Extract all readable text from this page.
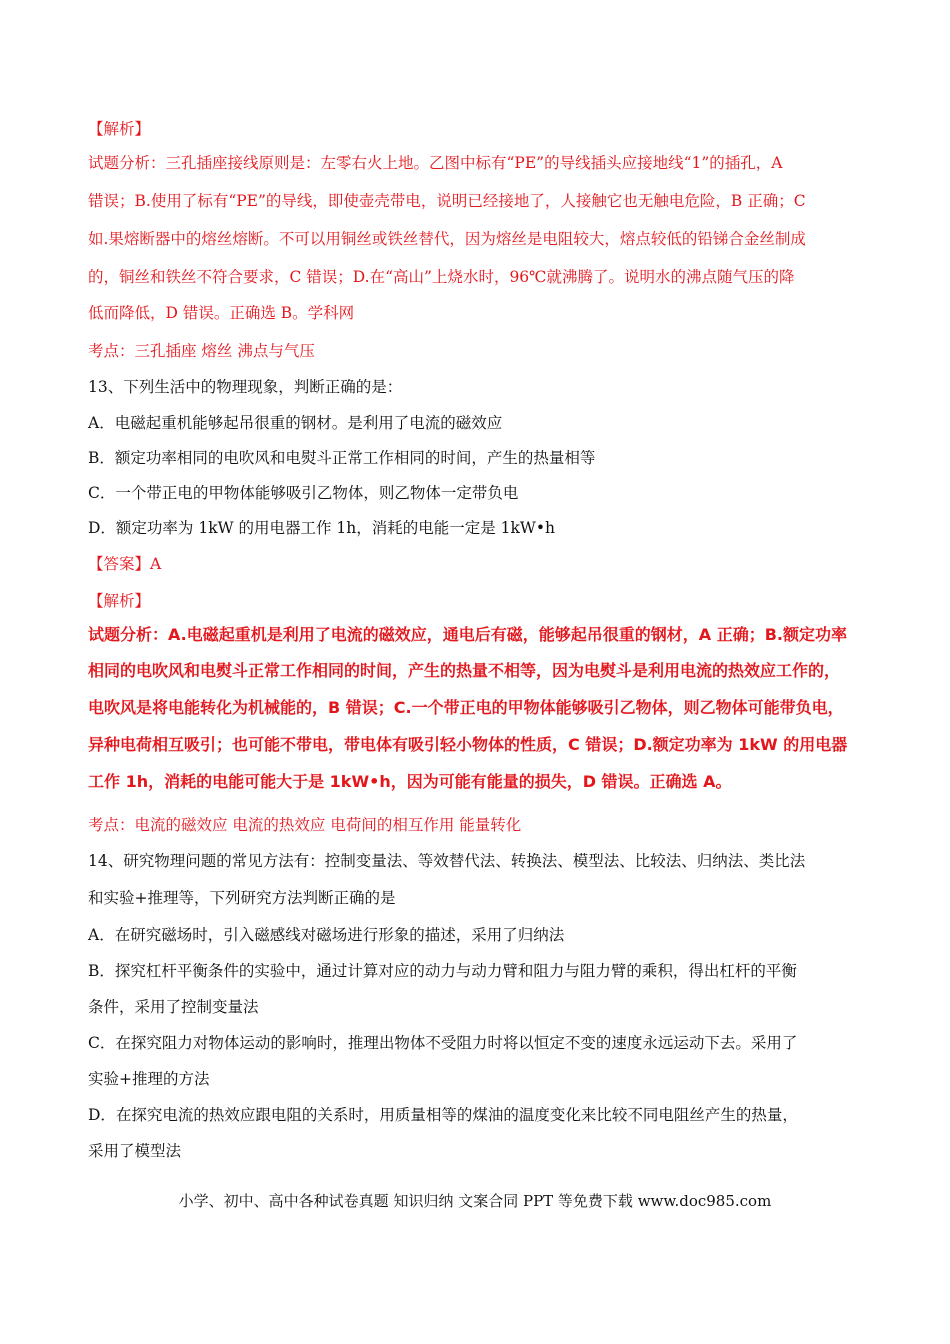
【解析】
试题分析：三孔插座接线原则是：左零右火上地。乙图中标有“PE”的导线插头应接地线“1”的插孔，A
错误；B.使用了标有“PE”的导线，即使壶壳带电，说明已经接地了，人接触它也无触电危险，B 正确；C
如.果熔断器中的熔丝熔断。不可以用铜丝或铁丝替代，因为熔丝是电阻较大，熔点较低的铅锑合金丝制成
的，铜丝和铁丝不符合要求，C 错误；D.在“高山”上烧水时，96℃就沸腾了。说明水的沸点随气压的降
低而降低，D 错误。正确选 B。学科网
考点：三孔插座 熔丝 沸点与气压
13、下列生活中的物理现象，判断正确的是：
A．电磁起重机能够起吊很重的钢材。是利用了电流的磁效应
B．额定功率相同的电吹风和电熨斗正常工作相同的时间，产生的热量相等
C．一个带正电的甲物体能够吸引乙物体，则乙物体一定带负电
D．额定功率为 1kW 的用电器工作 1h，消耗的电能一定是 1kW•h
【答案】A
【解析】
试题分析：A.电磁起重机是利用了电流的磁效应，通电后有磁，能够起吊很重的钢材，A 正确；B.额定功率
相同的电吹风和电熨斗正常工作相同的时间，产生的热量不相等，因为电熨斗是利用电流的热效应工作的，
电吹风是将电能转化为机械能的，B 错误；C.一个带正电的甲物体能够吸引乙物体，则乙物体可能带负电，
异种电荷相互吸引；也可能不带电，带电体有吸引轻小物体的性质，C 错误；D.额定功率为 1kW 的用电器
工作 1h，消耗的电能可能大于是 1kW•h，因为可能有能量的损失，D 错误。正确选 A。
考点：电流的磁效应 电流的热效应 电荷间的相互作用 能量转化
14、研究物理问题的常见方法有：控制变量法、等效替代法、转换法、模型法、比较法、归纳法、类比法
和实验+推理等，下列研究方法判断正确的是
A．在研究磁场时，引入磁感线对磁场进行形象的描述，采用了归纳法
B．探究杠杆平衡条件的实验中，通过计算对应的动力与动力臂和阻力与阻力臂的乘积，得出杠杆的平衡
条件，采用了控制变量法
C．在探究阻力对物体运动的影响时，推理出物体不受阻力时将以恒定不变的速度永远运动下去。采用了
实验+推理的方法
D．在探究电流的热效应跟电阻的关系时，用质量相等的煤油的温度变化来比较不同电阻丝产生的热量，
采用了模型法
小学、初中、高中各种试卷真题 知识归纳 文案合同 PPT 等免费下载 www.doc985.com
